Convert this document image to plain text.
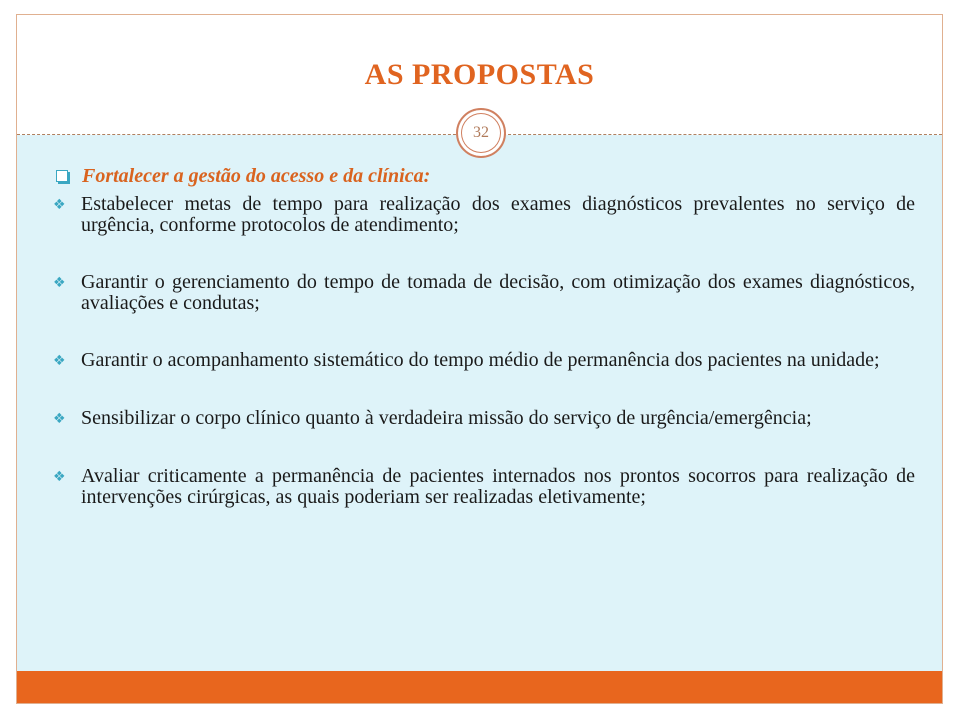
AS PROPOSTAS
32
Fortalecer a gestão do acesso e da clínica:
❖ Estabelecer metas de tempo para realização dos exames diagnósticos prevalentes no serviço de urgência, conforme protocolos de atendimento;
❖ Garantir o gerenciamento do tempo de tomada de decisão, com otimização dos exames diagnósticos, avaliações e condutas;
❖ Garantir o acompanhamento sistemático do tempo médio de permanência dos pacientes na unidade;
❖ Sensibilizar o corpo clínico quanto à verdadeira missão do serviço de urgência/emergência;
❖ Avaliar criticamente a permanência de pacientes internados nos prontos socorros para realização de intervenções cirúrgicas, as quais poderiam ser realizadas eletivamente;
